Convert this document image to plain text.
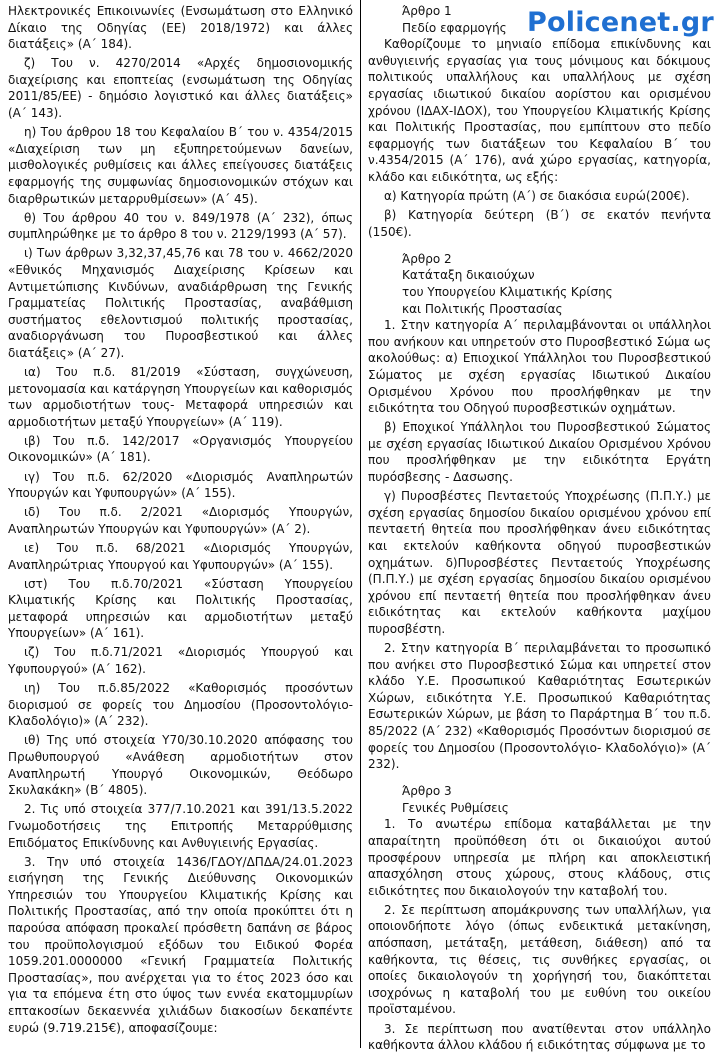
Ηλεκτρονικές Επικοινωνίες (Ενσωμάτωση στο Ελληνικό Δίκαιο της Οδηγίας (ΕΕ) 2018/1972) και άλλες διατάξεις» (Α΄ 184).

ζ) Του ν. 4270/2014 «Αρχές δημοσιονομικής διαχείρισης και εποπτείας (ενσωμάτωση της Οδηγίας 2011/85/ΕΕ) - δημόσιο λογιστικό και άλλες διατάξεις» (Α΄ 143).

η) Του άρθρου 18 του Κεφαλαίου Β΄ του ν. 4354/2015 «Διαχείριση των μη εξυπηρετούμενων δανείων, μισθολογικές ρυθμίσεις και άλλες επείγουσες διατάξεις εφαρμογής της συμφωνίας δημοσιονομικών στόχων και διαρθρωτικών μεταρρυθμίσεων» (Α΄ 45).

θ) Του άρθρου 40 του ν. 849/1978 (Α΄ 232), όπως συμπληρώθηκε με το άρθρο 8 του ν. 2129/1993 (Α΄ 57).

ι) Των άρθρων 3,32,37,45,76 και 78 του ν. 4662/2020 «Εθνικός Μηχανισμός Διαχείρισης Κρίσεων και Αντιμετώπισης Κινδύνων, αναδιάρθρωση της Γενικής Γραμματείας Πολιτικής Προστασίας, αναβάθμιση συστήματος εθελοντισμού πολιτικής προστασίας, αναδιοργάνωση του Πυροσβεστικού και άλλες διατάξεις» (Α΄ 27).

ια) Του π.δ. 81/2019 «Σύσταση, συγχώνευση, μετονομασία και κατάργηση Υπουργείων και καθορισμός των αρμοδιοτήτων τους- Μεταφορά υπηρεσιών και αρμοδιοτήτων μεταξύ Υπουργείων» (Α΄ 119).

ιβ) Του π.δ. 142/2017 «Οργανισμός Υπουργείου Οικονομικών» (Α΄ 181).

ιγ) Του π.δ. 62/2020 «Διορισμός Αναπληρωτών Υπουργών και Υφυπουργών» (Α΄ 155).

ιδ) Του π.δ. 2/2021 «Διορισμός Υπουργών, Αναπληρωτών Υπουργών και Υφυπουργών» (Α΄ 2).

ιε) Του π.δ. 68/2021 «Διορισμός Υπουργών, Αναπληρώτριας Υπουργού και Υφυπουργών» (Α΄ 155).

ιστ) Του π.δ.70/2021 «Σύσταση Υπουργείου Κλιματικής Κρίσης και Πολιτικής Προστασίας, μεταφορά υπηρεσιών και αρμοδιοτήτων μεταξύ Υπουργείων» (Α΄ 161).

ιζ) Του π.δ.71/2021 «Διορισμός Υπουργού και Υφυπουργού» (Α΄ 162).

ιη) Του π.δ.85/2022 «Καθορισμός προσόντων διορισμού σε φορείς του Δημοσίου (Προσοντολόγιο-Κλαδολόγιο)» (Α΄ 232).

ιθ) Της υπό στοιχεία Υ70/30.10.2020 απόφασης του Πρωθυπουργού «Ανάθεση αρμοδιοτήτων στον Αναπληρωτή Υπουργό Οικονομικών, Θεόδωρο Σκυλακάκη» (Β΄ 4805).

2. Τις υπό στοιχεία 377/7.10.2021 και 391/13.5.2022 Γνωμοδοτήσεις της Επιτροπής Μεταρρύθμισης Επιδόματος Επικίνδυνης και Ανθυγιεινής Εργασίας.

3. Την υπό στοιχεία 1436/ΓΔΟΥ/ΔΠΔΑ/24.01.2023 εισήγηση της Γενικής Διεύθυνσης Οικονομικών Υπηρεσιών του Υπουργείου Κλιματικής Κρίσης και Πολιτικής Προστασίας, από την οποία προκύπτει ότι η παρούσα απόφαση προκαλεί πρόσθετη δαπάνη σε βάρος του προϋπολογισμού εξόδων του Ειδικού Φορέα 1059.201.0000000 «Γενική Γραμματεία Πολιτικής Προστασίας», που ανέρχεται για το έτος 2023 όσο και για τα επόμενα έτη στο ύψος των εννέα εκατομμυρίων επτακοσίων δεκαεννέα χιλιάδων διακοσίων δεκαπέντε ευρώ (9.719.215€), αποφασίζουμε:

Άρθρο 1
Πεδίο εφαρμογής

Καθορίζουμε το μηνιαίο επίδομα επικίνδυνης και ανθυγιεινής εργασίας για τους μόνιμους και δόκιμους πολιτικούς υπαλλήλους και υπαλλήλους με σχέση εργασίας ιδιωτικού δικαίου αορίστου και ορισμένου χρόνου (ΙΔΑΧ-ΙΔΟΧ), του Υπουργείου Κλιματικής Κρίσης και Πολιτικής Προστασίας, που εμπίπτουν στο πεδίο εφαρμογής των διατάξεων του Κεφαλαίου Β΄ του ν.4354/2015 (Α΄ 176), ανά χώρο εργασίας, κατηγορία, κλάδο και ειδικότητα, ως εξής:

α) Κατηγορία πρώτη (Α΄) σε διακόσια ευρώ(200€).

β) Κατηγορία δεύτερη (Β΄) σε εκατόν πενήντα (150€).

Άρθρο 2
Κατάταξη δικαιούχων
του Υπουργείου Κλιματικής Κρίσης
και Πολιτικής Προστασίας

1. Στην κατηγορία Α΄ περιλαμβάνονται οι υπάλληλοι που ανήκουν και υπηρετούν στο Πυροσβεστικό Σώμα ως ακολούθως: α) Επιοχικοί Υπάλληλοι του Πυροσβεστικού Σώματος με σχέση εργασίας Ιδιωτικού Δικαίου Ορισμένου Χρόνου που προσλήφθηκαν με την ειδικότητα του Οδηγού πυροσβεστικών οχημάτων.

β) Εποχικοί Υπάλληλοι του Πυροσβεστικού Σώματος με σχέση εργασίας Ιδιωτικού Δικαίου Ορισμένου Χρόνου που προσλήφθηκαν με την ειδικότητα Εργάτη πυρόσβεσης - Δασωσης.

γ) Πυροσβέστες Πενταετούς Υποχρέωσης (Π.Π.Υ.) με σχέση εργασίας δημοσίου δικαίου ορισμένου χρόνου επί πενταετή θητεία που προσλήφθηκαν άνευ ειδικότητας και εκτελούν καθήκοντα οδηγού πυροσβεστικών οχημάτων. δ)Πυροσβέστες Πενταετούς Υποχρέωσης (Π.Π.Υ.) με σχέση εργασίας δημοσίου δικαίου ορισμένου χρόνου επί πενταετή θητεία που προσλήφθηκαν άνευ ειδικότητας και εκτελούν καθήκοντα μαχίμου πυροσβέστη.

2. Στην κατηγορία Β΄ περιλαμβάνεται το προσωπικό που ανήκει στο Πυροσβεστικό Σώμα και υπηρετεί στον κλάδο Υ.Ε. Προσωπικού Καθαριότητας Εσωτερικών Χώρων, ειδικότητα Υ.Ε. Προσωπικού Καθαριότητας Εσωτερικών Χώρων, με βάση το Παράρτημα Β΄ του π.δ. 85/2022 (Α΄ 232) «Καθορισμός Προσόντων διορισμού σε φορείς του Δημοσίου (Προσοντολόγιο- Κλαδολόγιο)» (Α΄ 232).

Άρθρο 3
Γενικές Ρυθμίσεις

1. Το ανωτέρω επίδομα καταβάλλεται με την απαραίτητη προϋπόθεση ότι οι δικαιούχοι αυτού προσφέρουν υπηρεσία με πλήρη και αποκλειστική απασχόληση στους χώρους, στους κλάδους, στις ειδικότητες που δικαιολογούν την καταβολή του.

2. Σε περίπτωση απομάκρυνσης των υπαλλήλων, για οποιονδήποτε λόγο (όπως ενδεικτικά μετακίνηση, απόσπαση, μετάταξη, μετάθεση, διάθεση) από τα καθήκοντα, τις θέσεις, τις συνθήκες εργασίας, οι οποίες δικαιολογούν τη χορήγησή του, διακόπτεται ισοχρόνως η καταβολή του με ευθύνη του οικείου προϊσταμένου.

3. Σε περίπτωση που ανατίθενται στον υπάλληλο καθήκοντα άλλου κλάδου ή ειδικότητας σύμφωνα με το

Policenet.gr
